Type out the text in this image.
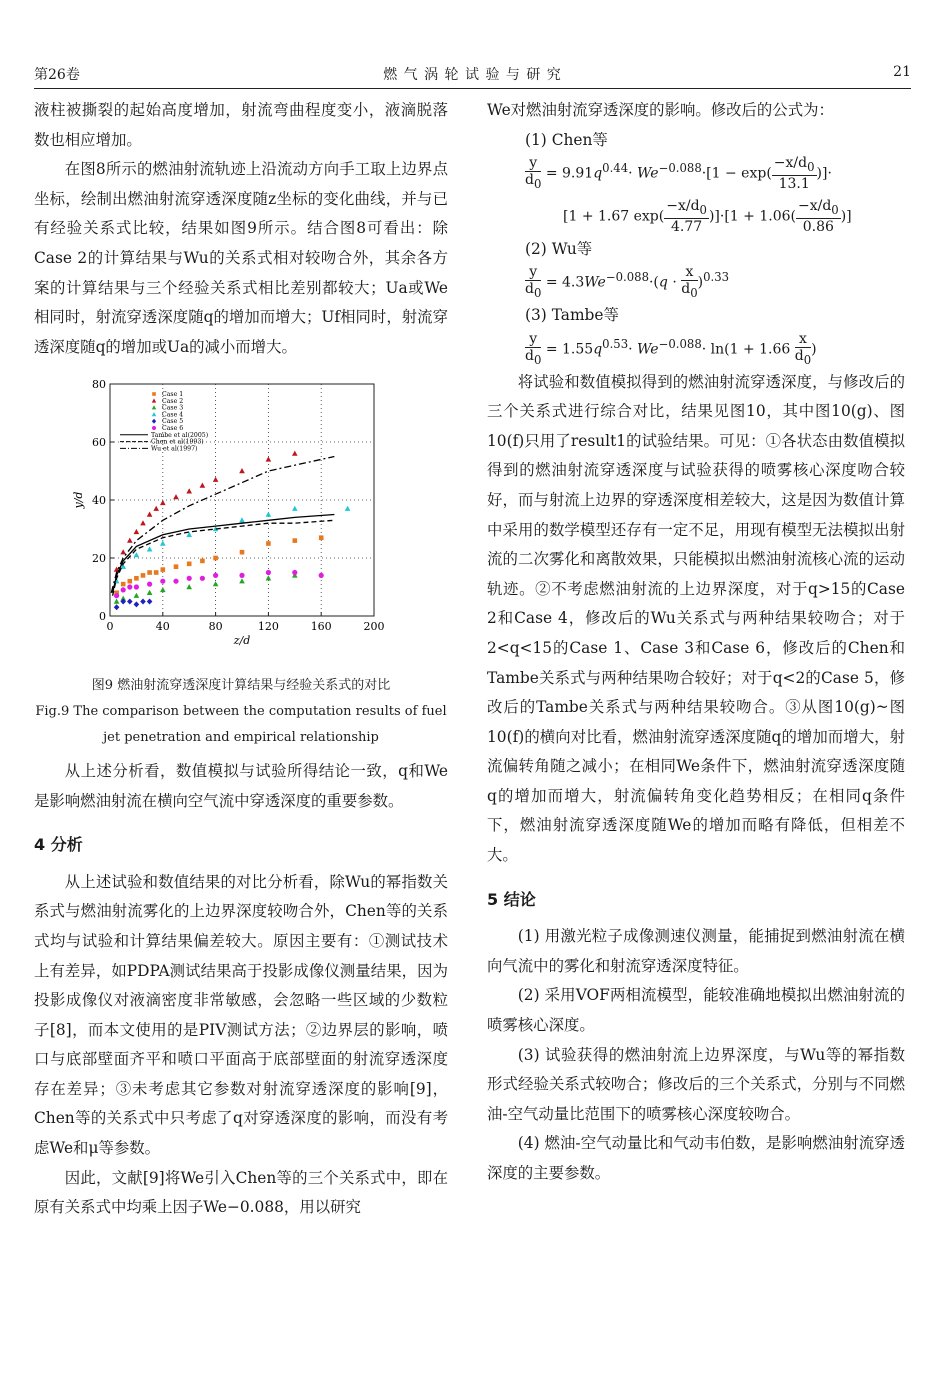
第26卷	燃 气 涡 轮 试 验 与 研 究	21

液柱被撕裂的起始高度增加，射流弯曲程度变小，液滴脱落数也相应增加。

在图8所示的燃油射流轨迹上沿流动方向手工取上边界点坐标，绘制出燃油射流穿透深度随z坐标的变化曲线，并与已有经验关系式比较，结果如图9所示。结合图8可看出：除Case 2的计算结果与Wu的关系式相对较吻合外，其余各方案的计算结果与三个经验关系式相比差别都较大；Ua或We相同时，射流穿透深度随q的增加而增大；Uf相同时，射流穿透深度随q的增加或Ua的减小而增大。

0	40	80	120	160	200
0
20
40
60
80
z/d
y/d
Case 1
Case 2
Case 3
Case 4
Case 5
Case 6
Tambe et al(2005)
Chen et al(1993)
Wu et al(1997)
图9 燃油射流穿透深度计算结果与经验关系式的对比
Fig.9 The comparison between the computation results of fuel
jet penetration and empirical relationship

从上述分析看，数值模拟与试验所得结论一致，q和We是影响燃油射流在横向空气流中穿透深度的重要参数。

4 分析

从上述试验和数值结果的对比分析看，除Wu的幂指数关系式与燃油射流雾化的上边界深度较吻合外，Chen等的关系式均与试验和计算结果偏差较大。原因主要有：①测试技术上有差异，如PDPA测试结果高于投影成像仪测量结果，因为投影成像仪对液滴密度非常敏感，会忽略一些区域的少数粒子[8]，而本文使用的是PIV测试方法；②边界层的影响，喷口与底部壁面齐平和喷口平面高于底部壁面的射流穿透深度存在差异；③未考虑其它参数对射流穿透深度的影响[9]，Chen等的关系式中只考虑了q对穿透深度的影响，而没有考虑We和μ等参数。

因此，文献[9]将We引入Chen等的三个关系式中，即在原有关系式中均乘上因子We−0.088，用以研究

We对燃油射流穿透深度的影响。修改后的公式为：

(1) Chen等

$\frac{y}{d_0} = 9.91q^{0.44}\cdot We^{-0.088}\cdot[1 - \exp( \frac{-x/d_0}{13.1}$ )]·
[1 + 1.67 $\exp( \frac{-x/d_0}{4.77} )]\cdot[1 + 1.06( \frac{-x/d_0}{0.86}$ )]

(2) Wu等

$\frac{y}{d_0} = 4.3We^{-0.088}\cdot(q \cdot \frac{x}{d_0} )^{0.33}$

(3) Tambe等

$\frac{y}{d_0} = 1.55q^{0.53}\cdot We^{-0.088}\cdot \ln(1 + 1.66 \frac{x}{d_0}$ )

将试验和数值模拟得到的燃油射流穿透深度，与修改后的三个关系式进行综合对比，结果见图10，其中图10(g)、图10(f)只用了result1的试验结果。可见：①各状态由数值模拟得到的燃油射流穿透深度与试验获得的喷雾核心深度吻合较好，而与射流上边界的穿透深度相差较大，这是因为数值计算中采用的数学模型还存有一定不足，用现有模型无法模拟出射流的二次雾化和离散效果，只能模拟出燃油射流核心流的运动轨迹。②不考虑燃油射流的上边界深度，对于q>15的Case 2和Case 4，修改后的Wu关系式与两种结果较吻合；对于2<q<15的Case 1、Case 3和Case 6，修改后的Chen和Tambe关系式与两种结果吻合较好；对于q<2的Case 5，修改后的Tambe关系式与两种结果较吻合。③从图10(g)~图10(f)的横向对比看，燃油射流穿透深度随q的增加而增大，射流偏转角随之减小；在相同We条件下，燃油射流穿透深度随q的增加而增大，射流偏转角变化趋势相反；在相同q条件下，燃油射流穿透深度随We的增加而略有降低，但相差不大。

5 结论

(1) 用激光粒子成像测速仪测量，能捕捉到燃油射流在横向气流中的雾化和射流穿透深度特征。

(2) 采用VOF两相流模型，能较准确地模拟出燃油射流的喷雾核心深度。

(3) 试验获得的燃油射流上边界深度，与Wu等的幂指数形式经验关系式较吻合；修改后的三个关系式，分别与不同燃油-空气动量比范围下的喷雾核心深度较吻合。

(4) 燃油-空气动量比和气动韦伯数，是影响燃油射流穿透深度的主要参数。
